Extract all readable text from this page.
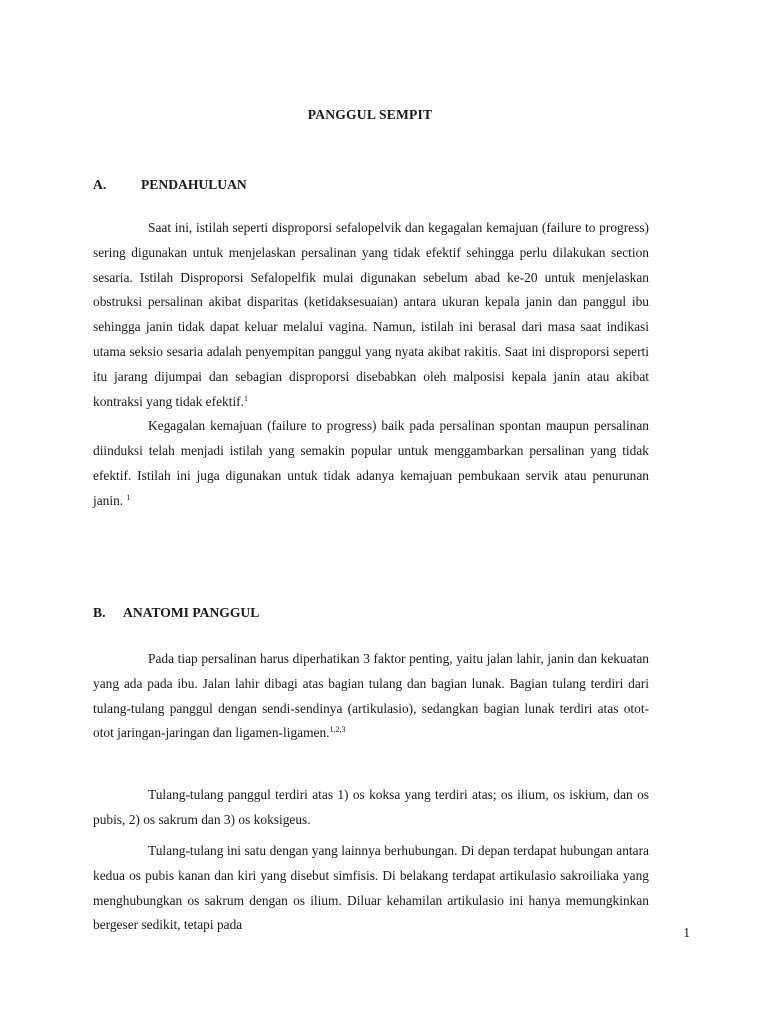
PANGGUL SEMPIT
A.	PENDAHULUAN

Saat ini, istilah seperti disproporsi sefalopelvik dan kegagalan kemajuan (failure to progress) sering digunakan untuk menjelaskan persalinan yang tidak efektif sehingga perlu dilakukan section sesaria. Istilah Disproporsi Sefalopelfik mulai digunakan sebelum abad ke-20 untuk menjelaskan obstruksi persalinan akibat disparitas (ketidaksesuaian) antara ukuran kepala janin dan panggul ibu sehingga janin tidak dapat keluar melalui vagina. Namun, istilah ini berasal dari masa saat indikasi utama seksio sesaria adalah penyempitan panggul yang nyata akibat rakitis. Saat ini disproporsi seperti itu jarang dijumpai dan sebagian disproporsi disebabkan oleh malposisi kepala janin atau akibat kontraksi yang tidak efektif.$^1$

Kegagalan kemajuan (failure to progress) baik pada persalinan spontan maupun persalinan diinduksi telah menjadi istilah yang semakin popular untuk menggambarkan persalinan yang tidak efektif. Istilah ini juga digunakan untuk tidak adanya kemajuan pembukaan servik atau penurunan janin. $^1$

B. ANATOMI PANGGUL

Pada tiap persalinan harus diperhatikan 3 faktor penting, yaitu jalan lahir, janin dan kekuatan yang ada pada ibu. Jalan lahir dibagi atas bagian tulang dan bagian lunak. Bagian tulang terdiri dari tulang-tulang panggul dengan sendi-sendinya (artikulasio), sedangkan bagian lunak terdiri atas otot-otot jaringan-jaringan dan ligamen-ligamen.$^{1,2,3}$

Tulang-tulang panggul terdiri atas 1) os koksa yang terdiri atas; os ilium, os iskium, dan os pubis, 2) os sakrum dan 3) os koksigeus.

Tulang-tulang ini satu dengan yang lainnya berhubungan. Di depan terdapat hubungan antara kedua os pubis kanan dan kiri yang disebut simfisis. Di belakang terdapat artikulasio sakroiliaka yang menghubungkan os sakrum dengan os ilium. Diluar kehamilan artikulasio ini hanya memungkinkan bergeser sedikit, tetapi pada

1
